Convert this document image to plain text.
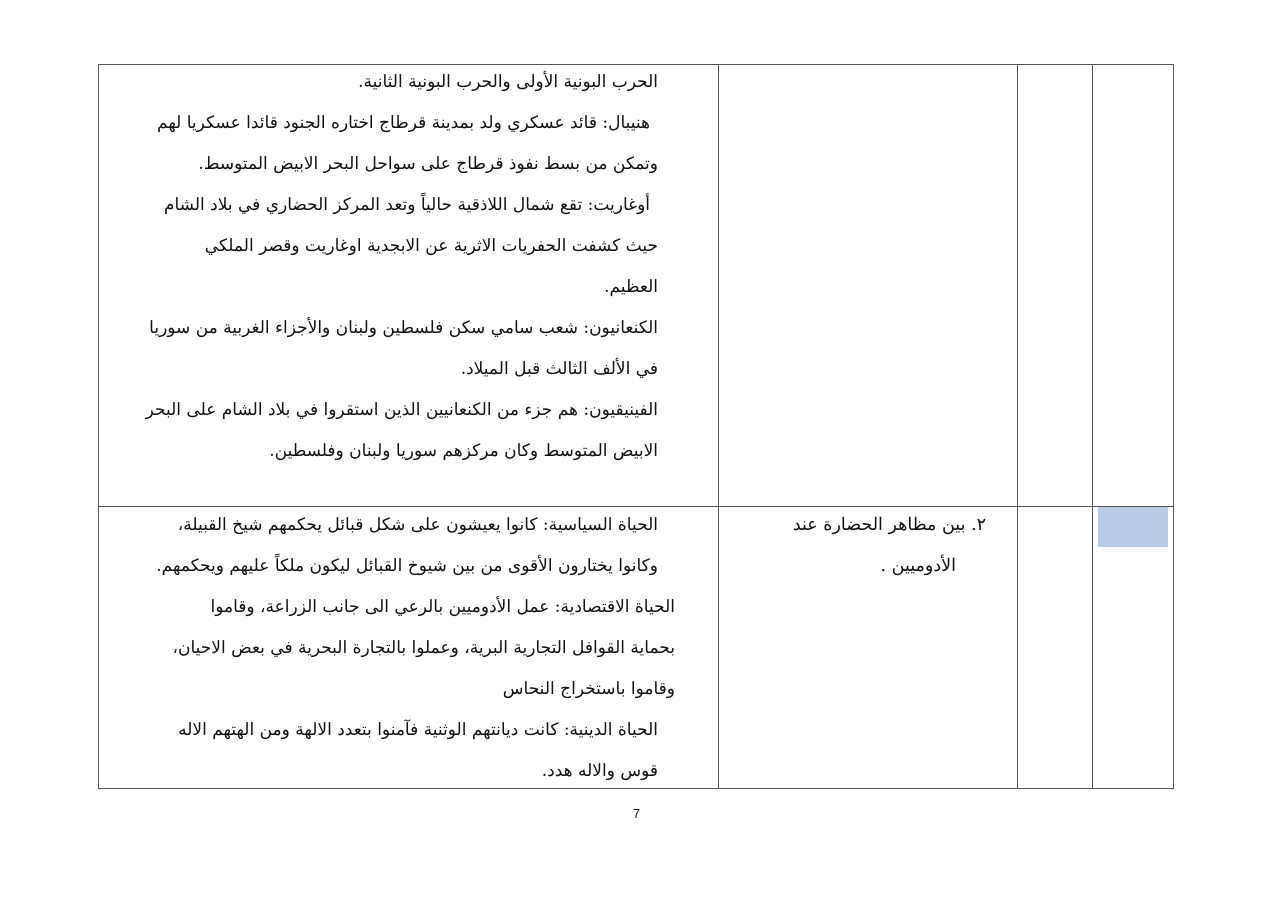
الحرب البونية الأولى والحرب البونية الثانية.
هنيبال: قائد عسكري ولد بمدينة قرطاج اختاره الجنود قائدا عسكريا لهم
وتمكن من بسط نفوذ قرطاج على سواحل البحر الابيض المتوسط.
أوغاريت: تقع شمال اللاذقية حالياً وتعد المركز الحضاري في بلاد الشام
حيث كشفت الحفريات الاثرية عن الابجدية اوغاريت وقصر الملكي
العظيم.
الكنعانيون: شعب سامي سكن فلسطين ولبنان والأجزاء الغربية من سوريا
في الألف الثالث قبل الميلاد.
الفينيقيون: هم جزء من الكنعانيين الذين استقروا في بلاد الشام على البحر
الابيض المتوسط وكان مركزهم سوريا ولبنان وفلسطين.
٢. بين مظاهر الحضارة عند
الأدوميين .
الحياة السياسية: كانوا يعيشون على شكل قبائل يحكمهم شيخ القبيلة،
وكانوا يختارون الأقوى من بين شيوخ القبائل ليكون ملكاً عليهم ويحكمهم.
الحياة الاقتصادية: عمل الأدوميين بالرعي الى جانب الزراعة، وقاموا
بحماية القوافل التجارية البرية، وعملوا بالتجارة البحرية في بعض الاحيان،
وقاموا باستخراج النحاس
الحياة الدينية: كانت ديانتهم الوثنية فآمنوا بتعدد الالهة ومن الهتهم الاله
قوس والاله هدد.
7
